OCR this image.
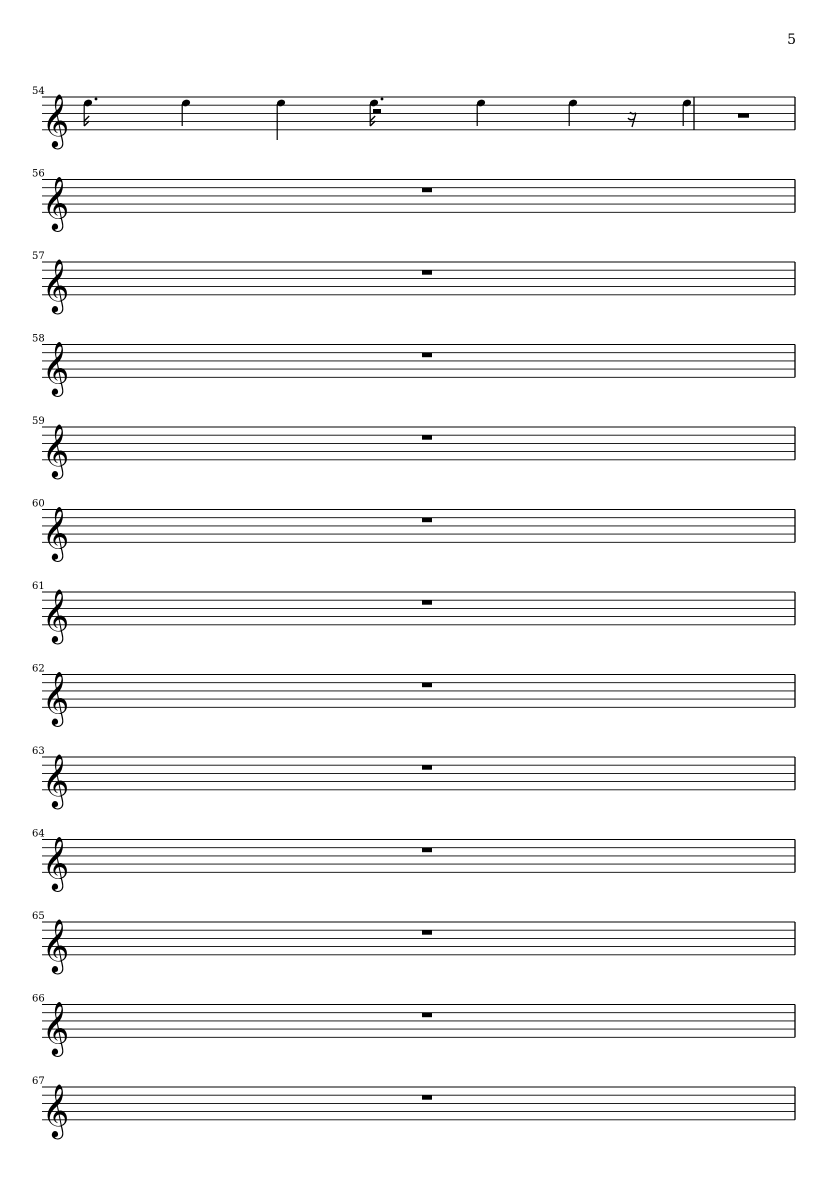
5
54
𝄞
56
𝄞
57
𝄞
58
𝄞
59
𝄞
60
𝄞
61
𝄞
62
𝄞
63
𝄞
64
𝄞
65
𝄞
66
𝄞
67
𝄞
